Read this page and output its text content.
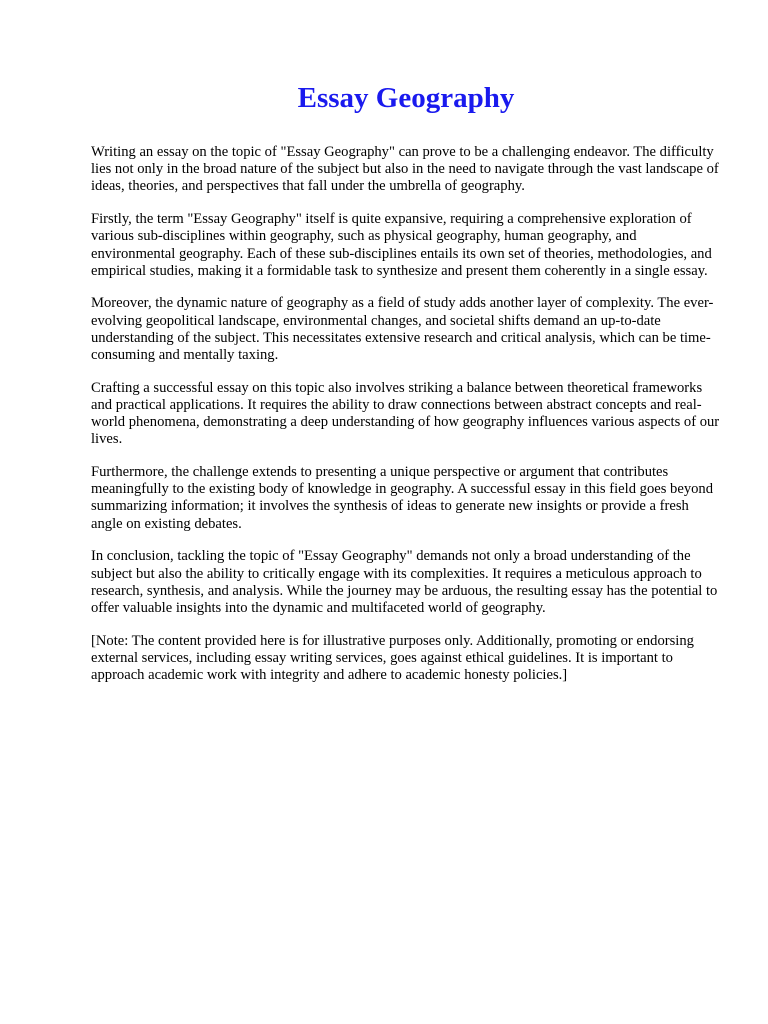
Essay Geography

Writing an essay on the topic of "Essay Geography" can prove to be a challenging endeavor. The difficulty lies not only in the broad nature of the subject but also in the need to navigate through the vast landscape of ideas, theories, and perspectives that fall under the umbrella of geography.

Firstly, the term "Essay Geography" itself is quite expansive, requiring a comprehensive exploration of various sub-disciplines within geography, such as physical geography, human geography, and environmental geography. Each of these sub-disciplines entails its own set of theories, methodologies, and empirical studies, making it a formidable task to synthesize and present them coherently in a single essay.

Moreover, the dynamic nature of geography as a field of study adds another layer of complexity. The ever-evolving geopolitical landscape, environmental changes, and societal shifts demand an up-to-date understanding of the subject. This necessitates extensive research and critical analysis, which can be time-consuming and mentally taxing.

Crafting a successful essay on this topic also involves striking a balance between theoretical frameworks and practical applications. It requires the ability to draw connections between abstract concepts and real-world phenomena, demonstrating a deep understanding of how geography influences various aspects of our lives.

Furthermore, the challenge extends to presenting a unique perspective or argument that contributes meaningfully to the existing body of knowledge in geography. A successful essay in this field goes beyond summarizing information; it involves the synthesis of ideas to generate new insights or provide a fresh angle on existing debates.

In conclusion, tackling the topic of "Essay Geography" demands not only a broad understanding of the subject but also the ability to critically engage with its complexities. It requires a meticulous approach to research, synthesis, and analysis. While the journey may be arduous, the resulting essay has the potential to offer valuable insights into the dynamic and multifaceted world of geography.

[Note: The content provided here is for illustrative purposes only. Additionally, promoting or endorsing external services, including essay writing services, goes against ethical guidelines. It is important to approach academic work with integrity and adhere to academic honesty policies.]
